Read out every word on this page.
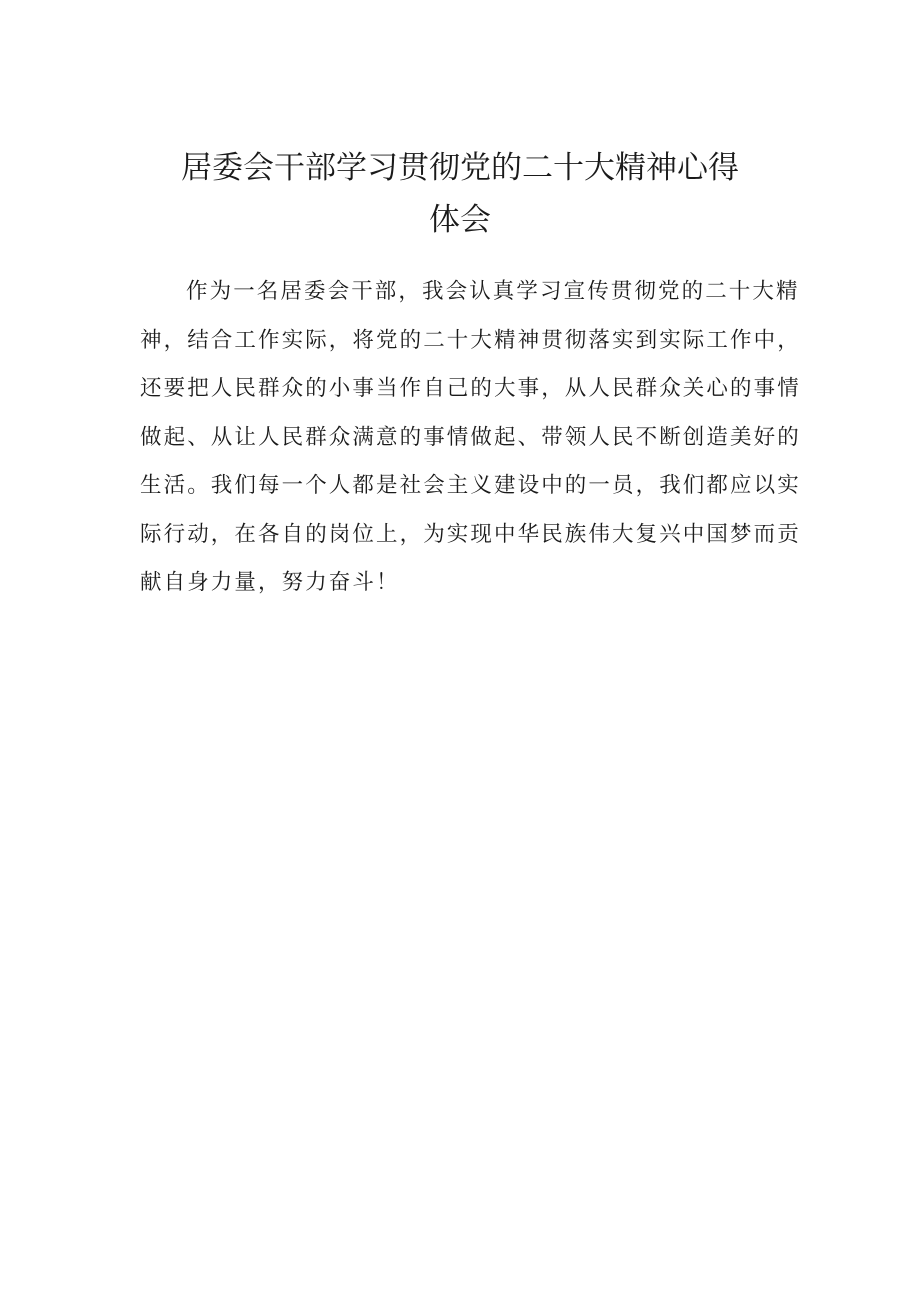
居委会干部学习贯彻党的二十大精神心得
体会

作为一名居委会干部，我会认真学习宣传贯彻党的二十大精
神，结合工作实际，将党的二十大精神贯彻落实到实际工作中，
还要把人民群众的小事当作自己的大事，从人民群众关心的事情
做起、从让人民群众满意的事情做起、带领人民不断创造美好的
生活。我们每一个人都是社会主义建设中的一员，我们都应以实
际行动，在各自的岗位上，为实现中华民族伟大复兴中国梦而贡
献自身力量，努力奋斗！
